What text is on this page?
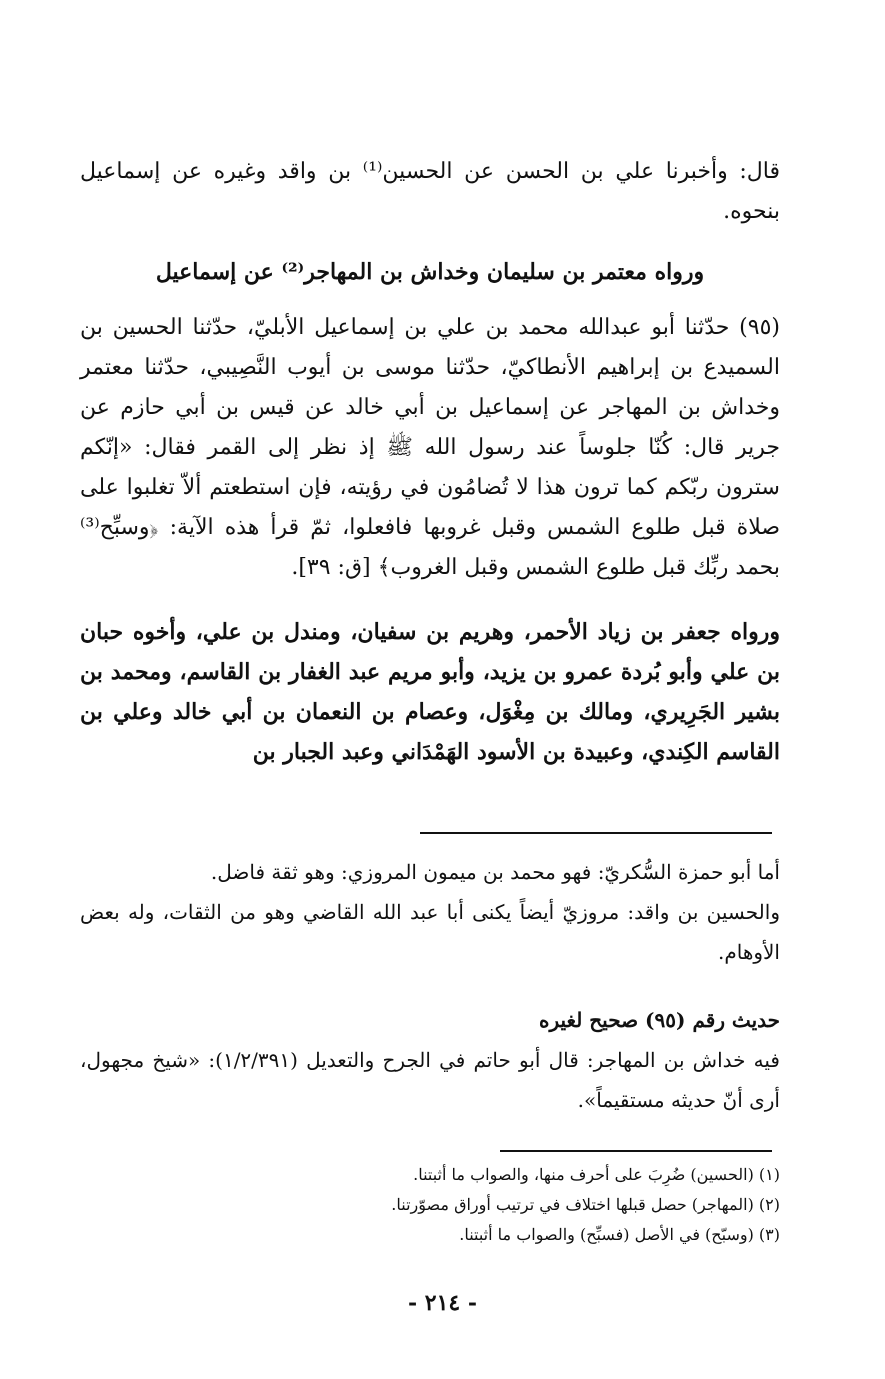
قال: وأخبرنا علي بن الحسن عن الحسين⁽¹⁾ بن واقد وغيره عن إسماعيل بنحوه.

ورواه معتمر بن سليمان وخداش بن المهاجر⁽²⁾ عن إسماعيل

(٩٥) حدّثنا أبو عبدالله محمد بن علي بن إسماعيل الأبليّ، حدّثنا الحسين بن السميدع بن إبراهيم الأنطاكيّ، حدّثنا موسى بن أيوب النَّصِيبي، حدّثنا معتمر وخداش بن المهاجر عن إسماعيل بن أبي خالد عن قيس بن أبي حازم عن جرير قال: كُنّا جلوساً عند رسول الله ﷺ إذ نظر إلى القمر فقال: «إنّكم سترون ربّكم كما ترون هذا لا تُضامُون في رؤيته، فإن استطعتم ألاّ تغلبوا على صلاة قبل طلوع الشمس وقبل غروبها فافعلوا، ثمّ قرأ هذه الآية: ﴿وسبِّح⁽³⁾ بحمد ربِّك قبل طلوع الشمس وقبل الغروب﴾ [ق: ٣٩].

ورواه جعفر بن زياد الأحمر، وهريم بن سفيان، ومندل بن علي، وأخوه حبان بن علي وأبو بُردة عمرو بن يزيد، وأبو مريم عبد الغفار بن القاسم، ومحمد بن بشير الجَرِيري، ومالك بن مِغْوَل، وعصام بن النعمان بن أبي خالد وعلي بن القاسم الكِندي، وعبيدة بن الأسود الهَمْدَاني وعبد الجبار بن

أما أبو حمزة السُّكريّ: فهو محمد بن ميمون المروزي: وهو ثقة فاضل.

والحسين بن واقد: مروزيّ أيضاً يكنى أبا عبد الله القاضي وهو من الثقات، وله بعض الأوهام.

حديث رقم (٩٥) صحيح لغيره

فيه خداش بن المهاجر: قال أبو حاتم في الجرح والتعديل (١/٢/٣٩١): «شيخ مجهول، أرى أنّ حديثه مستقيماً».

(١) (الحسين) ضُرِبَ على أحرف منها، والصواب ما أثبتنا.
(٢) (المهاجر) حصل قبلها اختلاف في ترتيب أوراق مصوّرتنا.
(٣) (وسبّح) في الأصل (فسبِّح) والصواب ما أثبتنا.
- ٢١٤ -
